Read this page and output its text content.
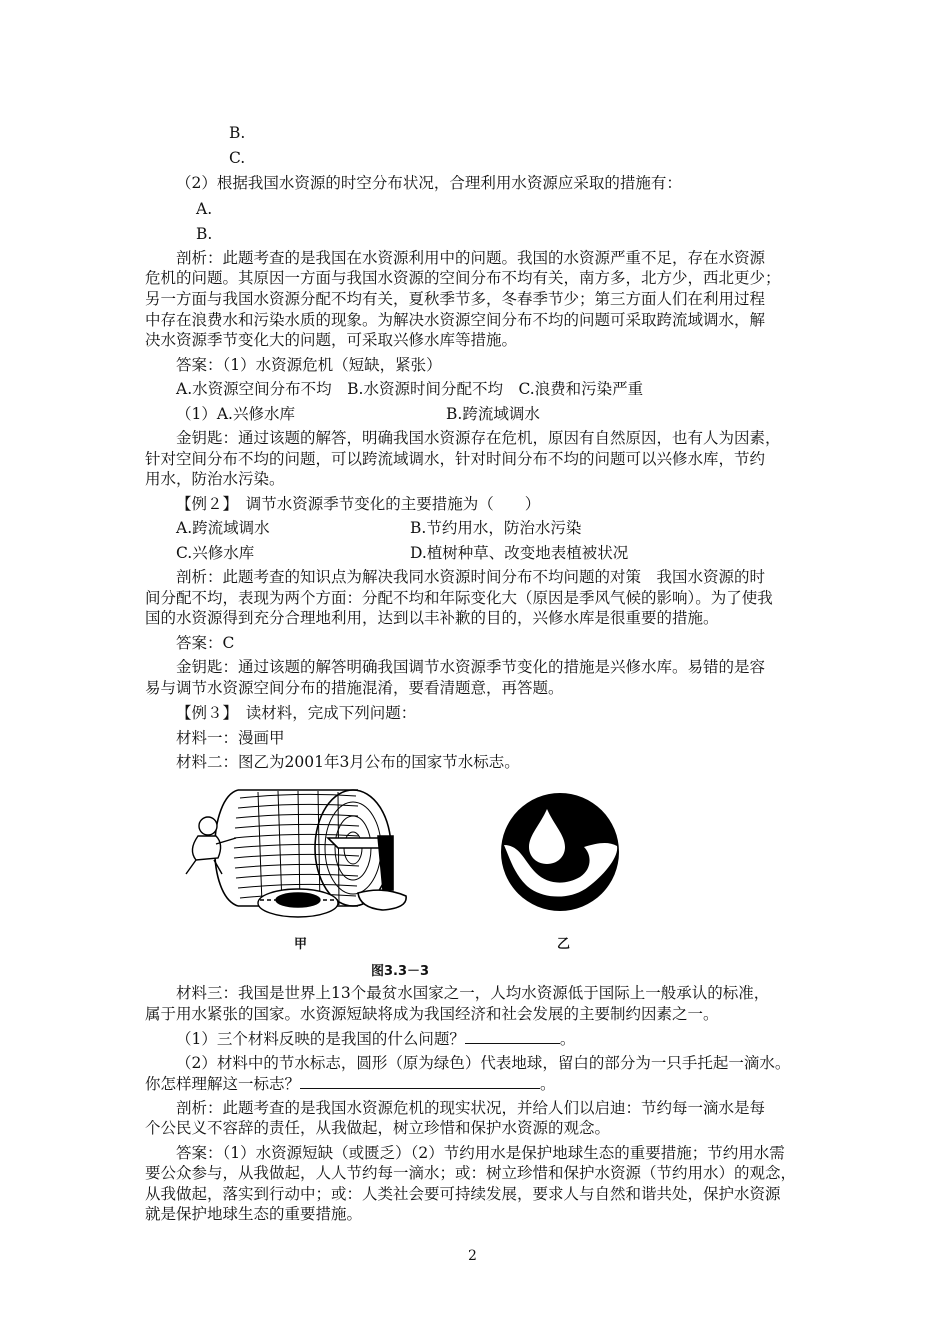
B.
C.
（2）根据我国水资源的时空分布状况，合理利用水资源应采取的措施有：
A.
B.
剖析：此题考查的是我国在水资源利用中的问题。我国的水资源严重不足，存在水资源
危机的问题。其原因一方面与我国水资源的空间分布不均有关，南方多，北方少，西北更少；
另一方面与我国水资源分配不均有关，夏秋季节多，冬春季节少；第三方面人们在利用过程
中存在浪费水和污染水质的现象。为解决水资源空间分布不均的问题可采取跨流域调水，解
决水资源季节变化大的问题，可采取兴修水库等措施。
答案：（1）水资源危机（短缺，紧张）
A.水资源空间分布不均　B.水资源时间分配不均　C.浪费和污染严重
（1）A.兴修水库	B.跨流域调水
金钥匙：通过该题的解答，明确我国水资源存在危机，原因有自然原因，也有人为因素，
针对空间分布不均的问题，可以跨流域调水，针对时间分布不均的问题可以兴修水库，节约
用水，防治水污染。
【例２】　调节水资源季节变化的主要措施为（　　）
A.跨流域调水	B.节约用水，防治水污染
C.兴修水库	D.植树种草、改变地表植被状况
剖析：此题考查的知识点为解决我同水资源时间分布不均问题的对策　我国水资源的时
间分配不均，表现为两个方面：分配不均和年际变化大（原因是季风气候的影响）。为了使我
国的水资源得到充分合理地利用，达到以丰补歉的目的，兴修水库是很重要的措施。
答案：C
金钥匙：通过该题的解答明确我国调节水资源季节变化的措施是兴修水库。易错的是容
易与调节水资源空间分布的措施混淆，要看清题意，再答题。
【例３】　读材料，完成下列问题：
材料一：漫画甲
材料二：图乙为2001年3月公布的国家节水标志。
甲	乙
图3.3－3
材料三：我国是世界上13个最贫水国家之一，人均水资源低于国际上一般承认的标准，
属于用水紧张的国家。水资源短缺将成为我国经济和社会发展的主要制约因素之一。
（1）三个材料反映的是我国的什么问题？	。
（2）材料中的节水标志，圆形（原为绿色）代表地球，留白的部分为一只手托起一滴水。
你怎样理解这一标志？	。
剖析：此题考查的是我国水资源危机的现实状况，并给人们以启迪：节约每一滴水是每
个公民义不容辞的责任，从我做起，树立珍惜和保护水资源的观念。
答案：（1）水资源短缺（或匮乏）（2）节约用水是保护地球生态的重要措施；节约用水需
要公众参与，从我做起，人人节约每一滴水；或：树立珍惜和保护水资源（节约用水）的观念，
从我做起，落实到行动中；或：人类社会要可持续发展，要求人与自然和谐共处，保护水资源
就是保护地球生态的重要措施。
2
